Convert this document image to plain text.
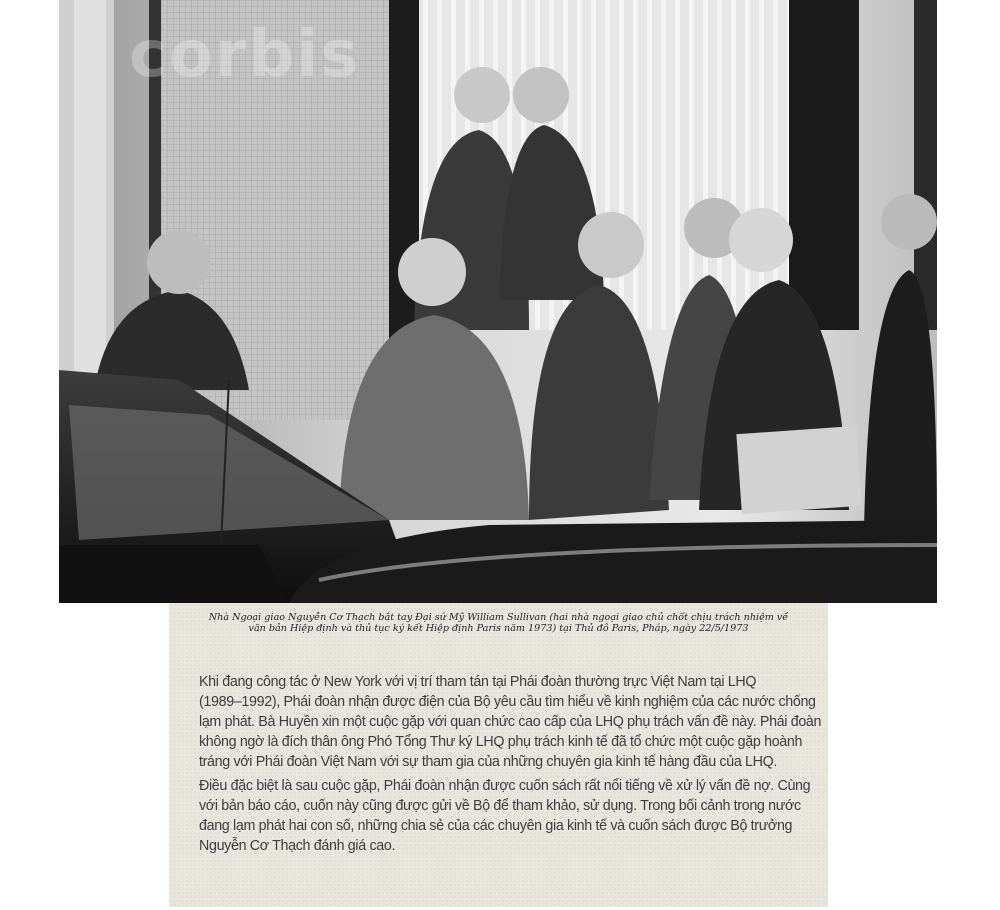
corbis
Nhà Ngoại giao Nguyễn Cơ Thạch bắt tay Đại sứ Mỹ William Sullivan (hai nhà ngoại giao chủ chốt chịu trách nhiệm về
văn bản Hiệp định và thủ tục ký kết Hiệp định Paris năm 1973) tại Thủ đô Paris, Pháp, ngày 22/5/1973

Khi đang công tác ở New York với vị trí tham tán tại Phái đoàn thường trực Việt Nam tại LHQ
(1989–1992), Phái đoàn nhận được điện của Bộ yêu cầu tìm hiểu về kinh nghiệm của các nước chống
lạm phát. Bà Huyền xin một cuộc gặp với quan chức cao cấp của LHQ phụ trách vấn đề này. Phái đoàn
không ngờ là đích thân ông Phó Tổng Thư ký LHQ phụ trách kinh tế đã tổ chức một cuộc gặp hoành
tráng với Phái đoàn Việt Nam với sự tham gia của những chuyên gia kinh tế hàng đầu của LHQ.

Điều đặc biệt là sau cuộc gặp, Phái đoàn nhận được cuốn sách rất nổi tiếng về xử lý vấn đề nợ. Cùng
với bản báo cáo, cuốn này cũng được gửi về Bộ để tham khảo, sử dụng. Trong bối cảnh trong nước
đang lạm phát hai con số, những chia sẻ của các chuyên gia kinh tế và cuốn sách được Bộ trưởng
Nguyễn Cơ Thạch đánh giá cao.
